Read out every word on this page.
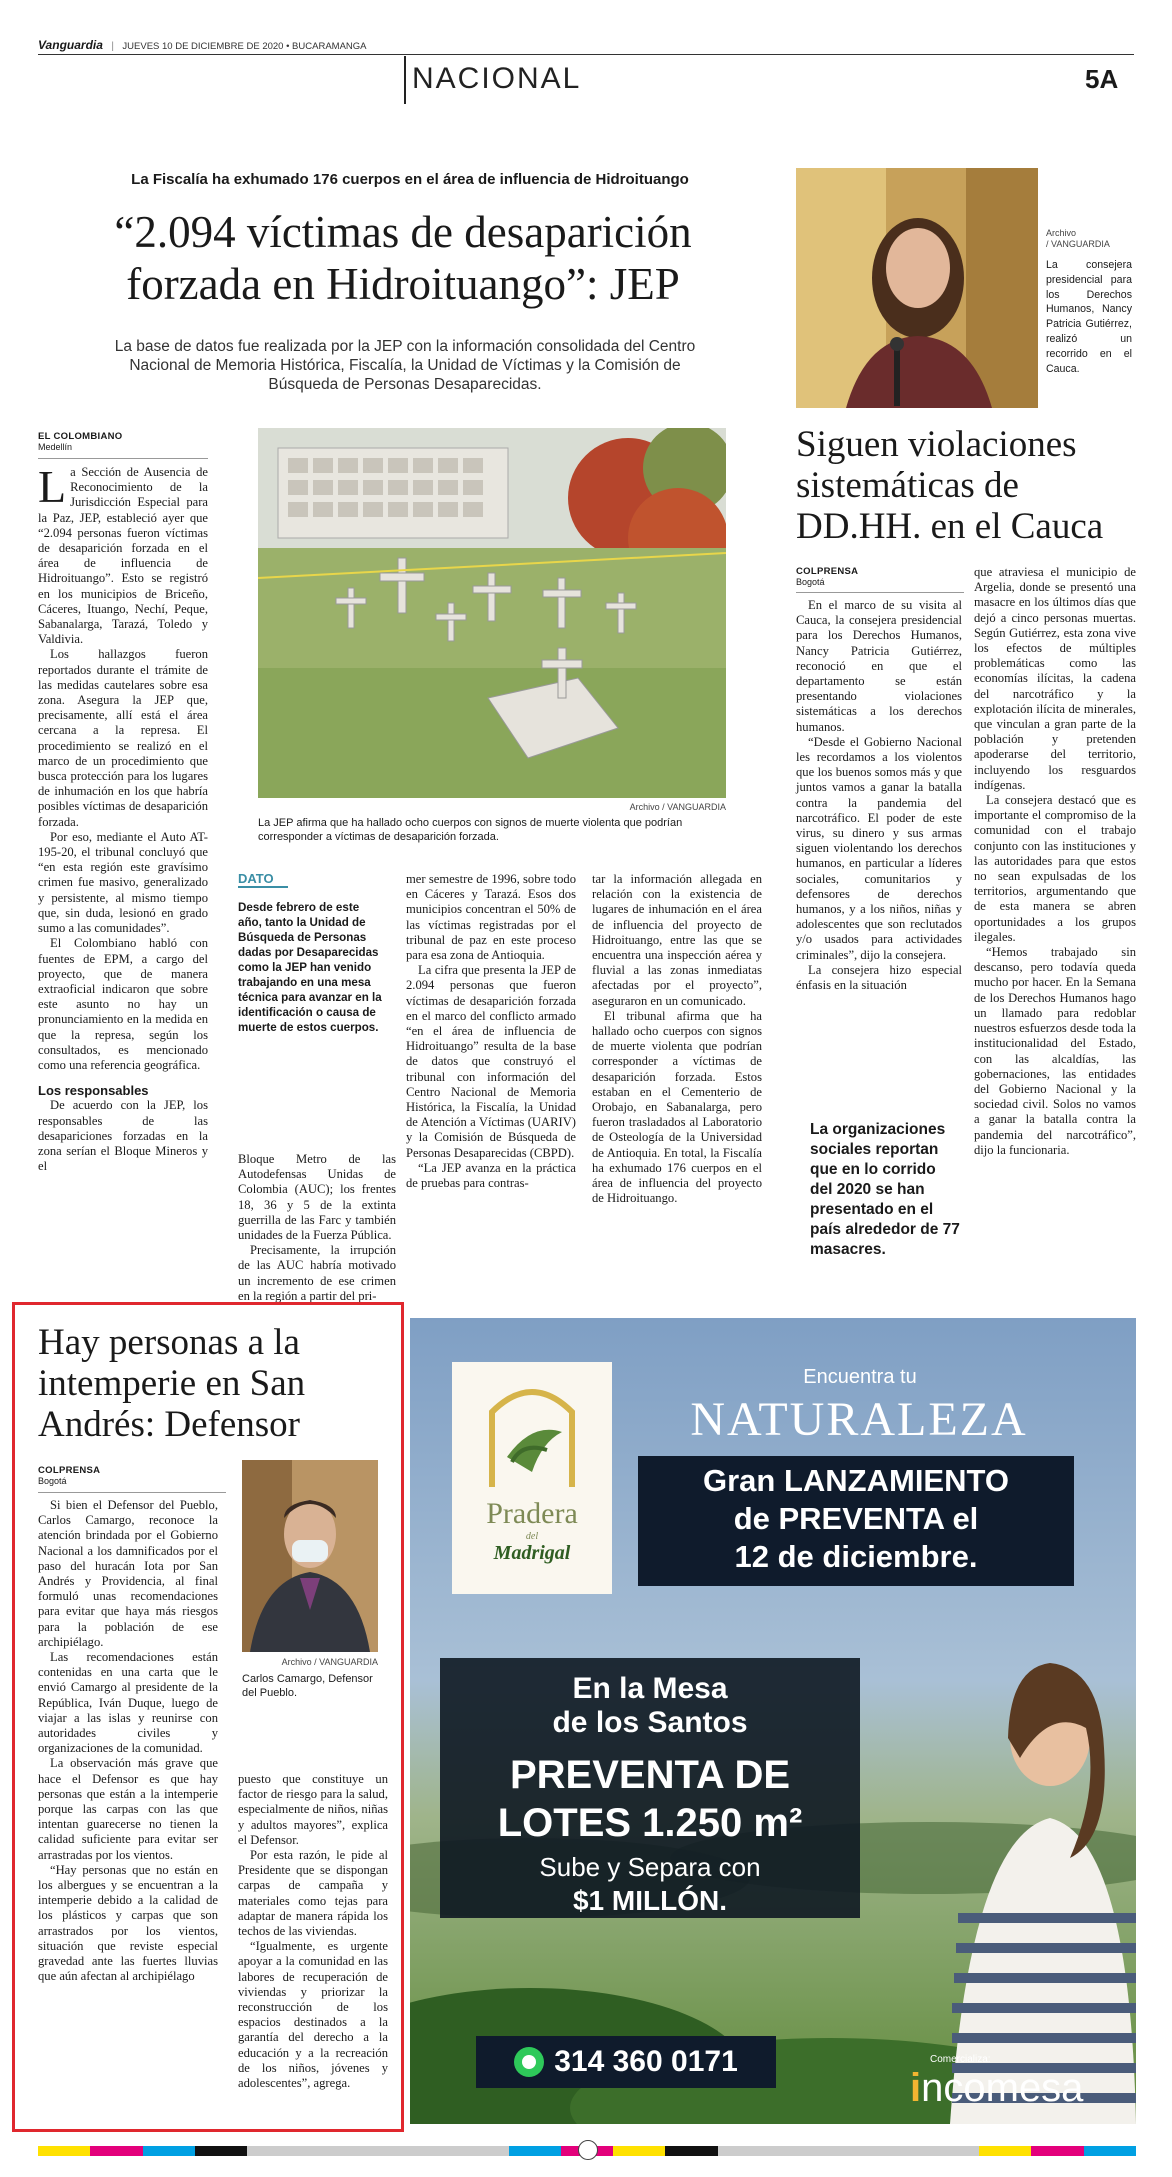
Vanguardia | JUEVES 10 DE DICIEMBRE DE 2020 • BUCARAMANGA
NACIONAL	5A
La Fiscalía ha exhumado 176 cuerpos en el área de influencia de Hidroituango
“2.094 víctimas de desaparición
forzada en Hidroituango”: JEP
La base de datos fue realizada por la JEP con la información consolidada del Centro Nacional de Memoria Histórica, Fiscalía, la Unidad de Víctimas y la Comisión de Búsqueda de Personas Desaparecidas.
EL COLOMBIANO
Medellín
Archivo / VANGUARDIA
La JEP afirma que ha hallado ocho cuerpos con signos de muerte violenta que podrían corresponder a víctimas de desaparición forzada.

La Sección de Ausencia de Reconocimiento de la Jurisdicción Especial para la Paz, JEP, estableció ayer que “2.094 personas fueron víctimas de desaparición forzada en el área de influencia de Hidroituango”. Esto se registró en los municipios de Briceño, Cáceres, Ituango, Nechí, Peque, Sabanalarga, Tarazá, Toledo y Valdivia.

Los hallazgos fueron reportados durante el trámite de las medidas cautelares sobre esa zona. Asegura la JEP que, precisamente, allí está el área cercana a la represa. El procedimiento se realizó en el marco de un procedimiento que busca protección para los lugares de inhumación en los que habría posibles víctimas de desaparición forzada.

Por eso, mediante el Auto AT-195-20, el tribunal concluyó que “en esta región este gravísimo crimen fue masivo, generalizado y persistente, al mismo tiempo que, sin duda, lesionó en grado sumo a las comunidades”.

El Colombiano habló con fuentes de EPM, a cargo del proyecto, que de manera extraoficial indicaron que sobre este asunto no hay un pronunciamiento en la medida en que la represa, según los consultados, es mencionado como una referencia geográfica.

Los responsables

De acuerdo con la JEP, los responsables de las desapariciones forzadas en la zona serían el Bloque Mineros y el

DATO
Desde febrero de este año, tanto la Unidad de Búsqueda de Personas dadas por Desaparecidas como la JEP han venido trabajando en una mesa técnica para avanzar en la identificación o causa de muerte de estos cuerpos.

Bloque Metro de las Autodefensas Unidas de Colombia (AUC); los frentes 18, 36 y 5 de la extinta guerrilla de las Farc y también unidades de la Fuerza Pública.

Precisamente, la irrupción de las AUC habría motivado un incremento de ese crimen en la región a partir del pri-

mer semestre de 1996, sobre todo en Cáceres y Tarazá. Esos dos municipios concentran el 50% de las víctimas registradas por el tribunal de paz en este proceso para esa zona de Antioquia.

La cifra que presenta la JEP de 2.094 personas que fueron víctimas de desaparición forzada en el marco del conflicto armado “en el área de influencia de Hidroituango” resulta de la base de datos que construyó el tribunal con información del Centro Nacional de Memoria Histórica, la Fiscalía, la Unidad de Atención a Víctimas (UARIV) y la Comisión de Búsqueda de Personas Desaparecidas (CBPD).

“La JEP avanza en la práctica de pruebas para contras-

tar la información allegada en relación con la existencia de lugares de inhumación en el área de influencia del proyecto de Hidroituango, entre las que se encuentra una inspección aérea y fluvial a las zonas inmediatas afectadas por el proyecto”, aseguraron en un comunicado.

El tribunal afirma que ha hallado ocho cuerpos con signos de muerte violenta que podrían corresponder a víctimas de desaparición forzada. Estos estaban en el Cementerio de Orobajo, en Sabanalarga, pero fueron trasladados al Laboratorio de Osteología de la Universidad de Antioquia. En total, la Fiscalía ha exhumado 176 cuerpos en el área de influencia del proyecto de Hidroituango.

Archivo
/ VANGUARDIA
La consejera presidencial para los Derechos Humanos, Nancy Patricia Gutiérrez, realizó un recorrido en el Cauca.
Siguen violaciones sistemáticas de DD.HH. en el Cauca
COLPRENSA
Bogotá

En el marco de su visita al Cauca, la consejera presidencial para los Derechos Humanos, Nancy Patricia Gutiérrez, reconoció en que el departamento se están presentando violaciones sistemáticas a los derechos humanos.

“Desde el Gobierno Nacional les recordamos a los violentos que los buenos somos más y que juntos vamos a ganar la batalla contra la pandemia del narcotráfico. El poder de este virus, su dinero y sus armas siguen violentando los derechos humanos, en particular a líderes sociales, comunitarios y defensores de derechos humanos, y a los niños, niñas y adolescentes que son reclutados y/o usados para actividades criminales”, dijo la consejera.

La consejera hizo especial énfasis en la situación

La organizaciones sociales reportan que en lo corrido del 2020 se han presentado en el país alrededor de 77 masacres.

que atraviesa el municipio de Argelia, donde se presentó una masacre en los últimos días que dejó a cinco personas muertas. Según Gutiérrez, esta zona vive los efectos de múltiples problemáticas como las economías ilícitas, la cadena del narcotráfico y la explotación ilícita de minerales, que vinculan a gran parte de la población y pretenden apoderarse del territorio, incluyendo los resguardos indígenas.

La consejera destacó que es importante el compromiso de la comunidad con el trabajo conjunto con las instituciones y las autoridades para que estos no sean expulsadas de los territorios, argumentando que de esta manera se abren oportunidades a los grupos ilegales.

“Hemos trabajado sin descanso, pero todavía queda mucho por hacer. En la Semana de los Derechos Humanos hago un llamado para redoblar nuestros esfuerzos desde toda la institucionalidad del Estado, con las alcaldías, las gobernaciones, las entidades del Gobierno Nacional y la sociedad civil. Solos no vamos a ganar la batalla contra la pandemia del narcotráfico”, dijo la funcionaria.

Hay personas a la intemperie en San Andrés: Defensor
COLPRENSA
Bogotá
Archivo / VANGUARDIA
Carlos Camargo, Defensor del Pueblo.

Si bien el Defensor del Pueblo, Carlos Camargo, reconoce la atención brindada por el Gobierno Nacional a los damnificados por el paso del huracán Iota por San Andrés y Providencia, al final formuló unas recomendaciones para evitar que haya más riesgos para la población de ese archipiélago.

Las recomendaciones están contenidas en una carta que le envió Camargo al presidente de la República, Iván Duque, luego de viajar a las islas y reunirse con autoridades civiles y organizaciones de la comunidad.

La observación más grave que hace el Defensor es que hay personas que están a la intemperie porque las carpas con las que intentan guarecerse no tienen la calidad suficiente para evitar ser arrastradas por los vientos.

“Hay personas que no están en los albergues y se encuentran a la intemperie debido a la calidad de los plásticos y carpas que son arrastrados por los vientos, situación que reviste especial gravedad ante las fuertes lluvias que aún afectan al archipiélago

puesto que constituye un factor de riesgo para la salud, especialmente de niños, niñas y adultos mayores”, explica el Defensor.

Por esta razón, le pide al Presidente que se dispongan carpas de campaña y materiales como tejas para adaptar de manera rápida los techos de las viviendas.

“Igualmente, es urgente apoyar a la comunidad en las labores de recuperación de viviendas y priorizar la reconstrucción de los espacios destinados a la garantía del derecho a la educación y a la recreación de los niños, jóvenes y adolescentes”, agrega.

Pradera
del
Madrigal
Encuentra tu
NATURALEZA
Gran LANZAMIENTO
de PREVENTA el
12 de diciembre.
En la Mesa
de los Santos
PREVENTA DE
LOTES 1.250 m²
Sube y Separa con
$1 MILLÓN.
314 360 0171	Comercializa:
incomesa
